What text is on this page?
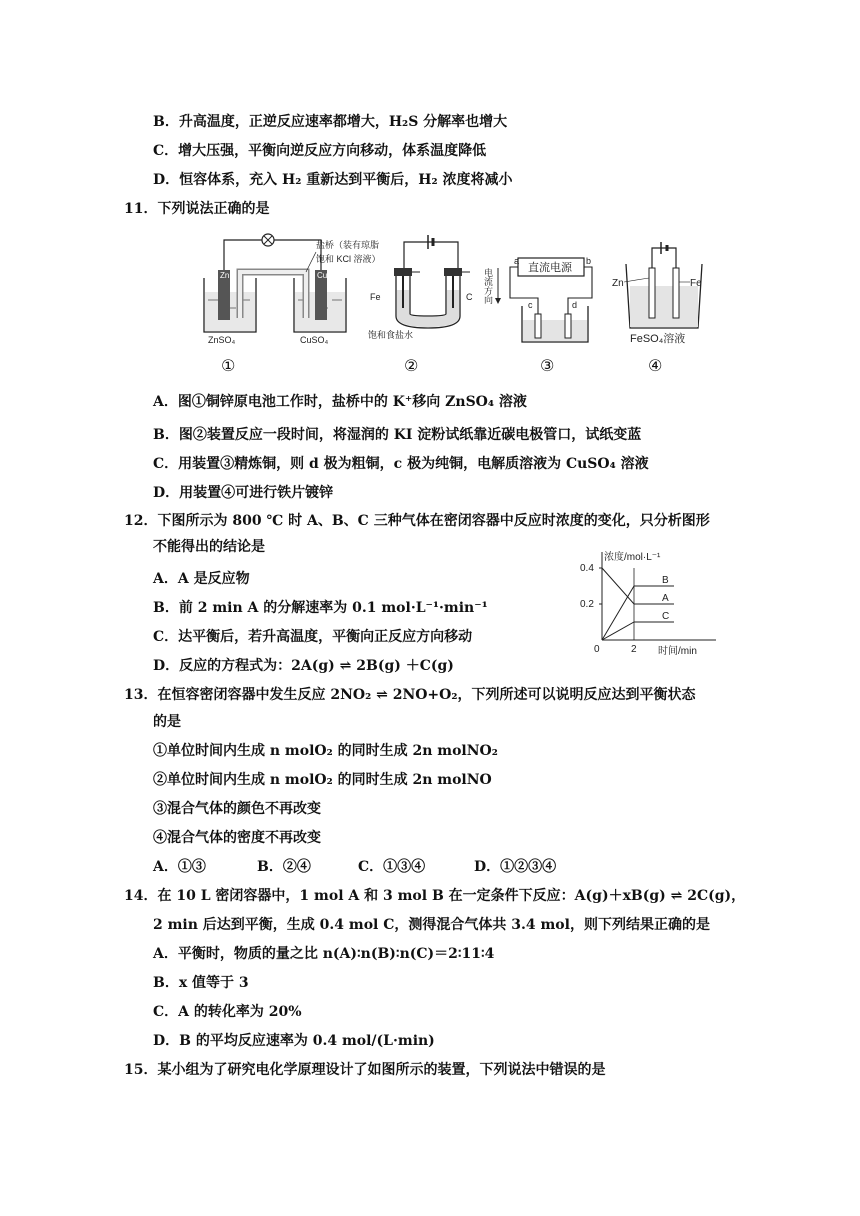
B．升高温度，正逆反应速率都增大，H₂S 分解率也增大
C．增大压强，平衡向逆反应方向移动，体系温度降低
D．恒容体系，充入 H₂ 重新达到平衡后，H₂ 浓度将减小
11．下列说法正确的是
Zn	Cu
盐桥（装有琼脂
饱和 KCl 溶液）
ZnSO₄	CuSO₄
Fe	C
饱和食盐水
直流电源
a	b
c	d
电流方向	Zn	Fe
FeSO₄溶液
①	②	③	④
A．图①铜锌原电池工作时，盐桥中的 K⁺移向 ZnSO₄ 溶液
B．图②装置反应一段时间，将湿润的 KI 淀粉试纸靠近碳电极管口，试纸变蓝
C．用装置③精炼铜，则 d 极为粗铜，c 极为纯铜，电解质溶液为 CuSO₄ 溶液
D．用装置④可进行铁片镀锌
12．下图所示为 800 ℃ 时 A、B、C 三种气体在密闭容器中反应时浓度的变化，只分析图形
不能得出的结论是
A．A 是反应物
B．前 2 min A 的分解速率为 0.1 mol·L⁻¹·min⁻¹
C．达平衡后，若升高温度，平衡向正反应方向移动
D．反应的方程式为：2A(g) ⇌ 2B(g) ＋C(g)
浓度/mol·L⁻¹
时间/min
0.2
0.4
0	2
B
A
C
13．在恒容密闭容器中发生反应 2NO₂ ⇌ 2NO+O₂，下列所述可以说明反应达到平衡状态
的是
①单位时间内生成 n molO₂ 的同时生成 2n molNO₂
②单位时间内生成 n molO₂ 的同时生成 2n molNO
③混合气体的颜色不再改变
④混合气体的密度不再改变
A．①③	B．②④	C．①③④	D．①②③④
14．在 10 L 密闭容器中，1 mol A 和 3 mol B 在一定条件下反应：A(g)＋xB(g) ⇌ 2C(g)，
2 min 后达到平衡，生成 0.4 mol C，测得混合气体共 3.4 mol，则下列结果正确的是
A．平衡时，物质的量之比 n(A)∶n(B)∶n(C)＝2∶11∶4
B．x 值等于 3
C．A 的转化率为 20%
D．B 的平均反应速率为 0.4 mol/(L·min)
15．某小组为了研究电化学原理设计了如图所示的装置，下列说法中错误的是
